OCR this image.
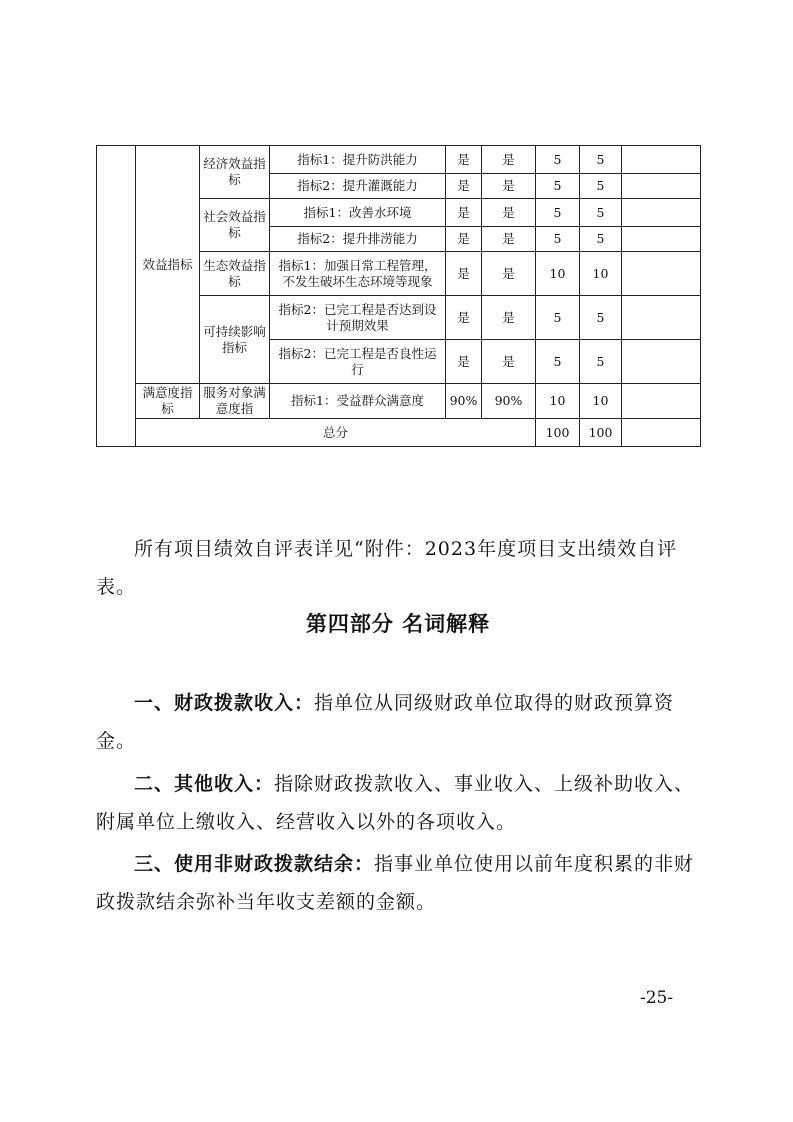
	效益指标	经济效益指标	指标1：提升防洪能力	是	是	5	5	
			指标2：提升灌溉能力	是	是	5	5	
		社会效益指标	指标1：改善水环境	是	是	5	5	
			指标2：提升排涝能力	是	是	5	5	
		生态效益指标	指标1：加强日常工程管理，不发生破坏生态环境等现象	是	是	10	10	
		可持续影响指标	指标2：已完工程是否达到设计预期效果	是	是	5	5	
			指标2：已完工程是否良性运行	是	是	5	5	
	满意度指标	服务对象满意度指	指标1：受益群众满意度	90%	90%	10	10	
	总分					100	100	
所有项目绩效自评表详见“附件：2023年度项目支出绩效自评表。
第四部分 名词解释
一、财政拨款收入：指单位从同级财政单位取得的财政预算资金。
二、其他收入：指除财政拨款收入、事业收入、上级补助收入、附属单位上缴收入、经营收入以外的各项收入。
三、使用非财政拨款结余：指事业单位使用以前年度积累的非财政拨款结余弥补当年收支差额的金额。
-25-
